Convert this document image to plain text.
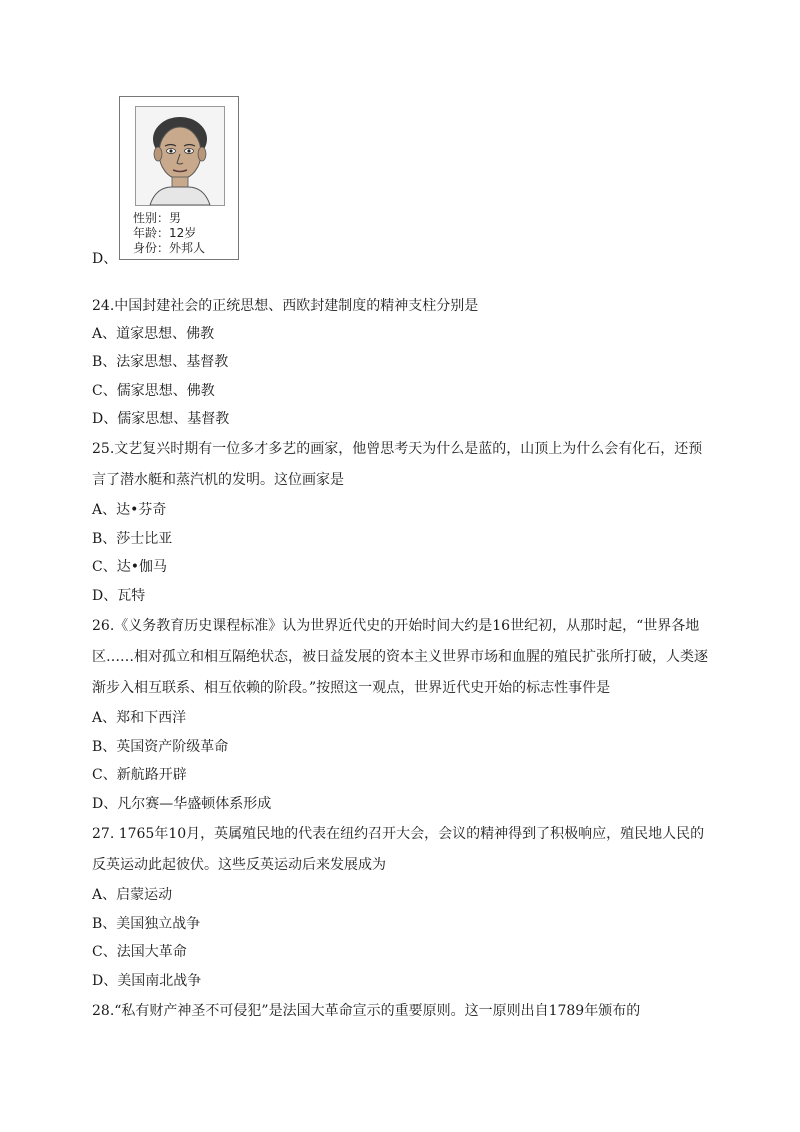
性别：男
年龄：12岁
身份：外邦人
D、
24.中国封建社会的正统思想、西欧封建制度的精神支柱分别是
A、道家思想、佛教
B、法家思想、基督教
C、儒家思想、佛教
D、儒家思想、基督教
25.文艺复兴时期有一位多才多艺的画家，他曾思考天为什么是蓝的，山顶上为什么会有化石，还预
言了潜水艇和蒸汽机的发明。这位画家是
A、达•芬奇
B、莎士比亚
C、达•伽马
D、瓦特
26.《义务教育历史课程标准》认为世界近代史的开始时间大约是16世纪初，从那时起，“世界各地
区……相对孤立和相互隔绝状态，被日益发展的资本主义世界市场和血腥的殖民扩张所打破，人类逐
渐步入相互联系、相互依赖的阶段。”按照这一观点，世界近代史开始的标志性事件是
A、郑和下西洋
B、英国资产阶级革命
C、新航路开辟
D、凡尔赛—华盛顿体系形成
27. 1765年10月，英属殖民地的代表在纽约召开大会，会议的精神得到了积极响应，殖民地人民的
反英运动此起彼伏。这些反英运动后来发展成为
A、启蒙运动
B、美国独立战争
C、法国大革命
D、美国南北战争
28.“私有财产神圣不可侵犯”是法国大革命宣示的重要原则。这一原则出自1789年颁布的
